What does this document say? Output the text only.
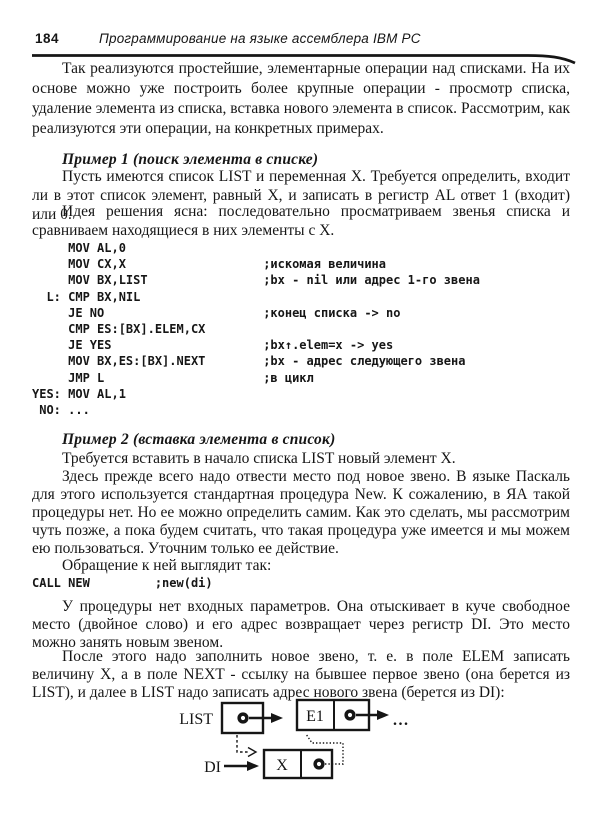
184	Программирование на языке ассемблера IBM PC

Так реализуются простейшие, элементарные операции над списками. На их основе можно уже построить более крупные операции - просмотр списка, удаление элемента из списка, вставка нового элемента в список. Рассмотрим, как реализуются эти операции, на конкретных примерах.

Пример 1 (поиск элемента в списке)

Пусть имеются список LIST и переменная X. Требуется определить, входит ли в этот список элемент, равный X, и записать в регистр AL ответ 1 (входит) или 0.

Идея решения ясна: последовательно просматриваем звенья списка и сравниваем находящиеся в них элементы с X.

MOV AL,0
MOV CX,X                   ;искомая величина
MOV BX,LIST                ;bx - nil или адрес 1-го звена
L: CMP BX,NIL
JE NO                      ;конец списка -> no
CMP ES:[BX].ELEM,CX
JE YES                     ;bx↑.elem=x -> yes
MOV BX,ES:[BX].NEXT        ;bx - адрес следующего звена
JMP L                      ;в цикл
YES: MOV AL,1
NO: ...

Пример 2 (вставка элемента в список)

Требуется вставить в начало списка LIST новый элемент X.

Здесь прежде всего надо отвести место под новое звено. В языке Паскаль для этого используется стандартная процедура New. К сожалению, в ЯА такой процедуры нет. Но ее можно определить самим. Как это сделать, мы рассмотрим чуть позже, а пока будем считать, что такая процедура уже имеется и мы можем ею пользоваться. Уточним только ее действие.

Обращение к ней выглядит так:

CALL NEW         ;new(di)

У процедуры нет входных параметров. Она отыскивает в куче свободное место (двойное слово) и его адрес возвращает через регистр DI. Это место можно занять новым звеном.

После этого надо заполнить новое звено, т. е. в поле ELEM записать величину X, а в поле NEXT - ссылку на бывшее первое звено (она берется из LIST), и далее в LIST надо записать адрес нового звена (берется из DI):

LIST	E1	...
DI	X
